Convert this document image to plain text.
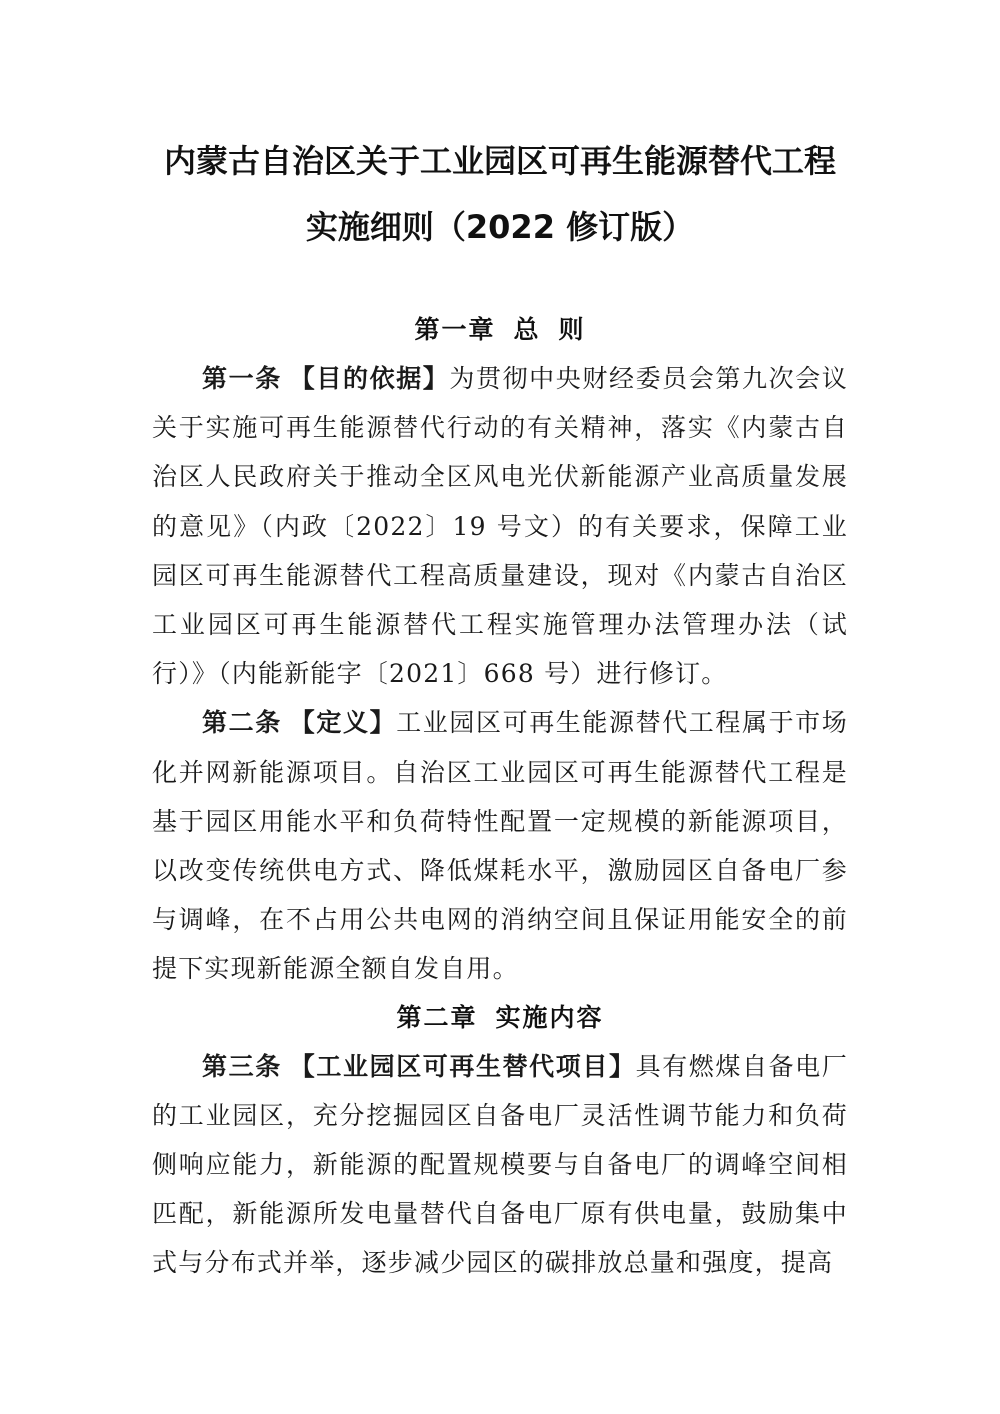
内蒙古自治区关于工业园区可再生能源替代工程
实施细则（2022 修订版）
第一章 总 则

第一条 【目的依据】为贯彻中央财经委员会第九次会议关于实施可再生能源替代行动的有关精神，落实《内蒙古自治区人民政府关于推动全区风电光伏新能源产业高质量发展的意见》（内政〔2022〕19 号文）的有关要求，保障工业园区可再生能源替代工程高质量建设，现对《内蒙古自治区工业园区可再生能源替代工程实施管理办法管理办法（试行）》（内能新能字〔2021〕668 号）进行修订。

第二条 【定义】工业园区可再生能源替代工程属于市场化并网新能源项目。自治区工业园区可再生能源替代工程是基于园区用能水平和负荷特性配置一定规模的新能源项目，以改变传统供电方式、降低煤耗水平，激励园区自备电厂参与调峰，在不占用公共电网的消纳空间且保证用能安全的前提下实现新能源全额自发自用。

第二章 实施内容

第三条 【工业园区可再生替代项目】具有燃煤自备电厂的工业园区，充分挖掘园区自备电厂灵活性调节能力和负荷侧响应能力，新能源的配置规模要与自备电厂的调峰空间相匹配，新能源所发电量替代自备电厂原有供电量，鼓励集中式与分布式并举，逐步减少园区的碳排放总量和强度，提高
